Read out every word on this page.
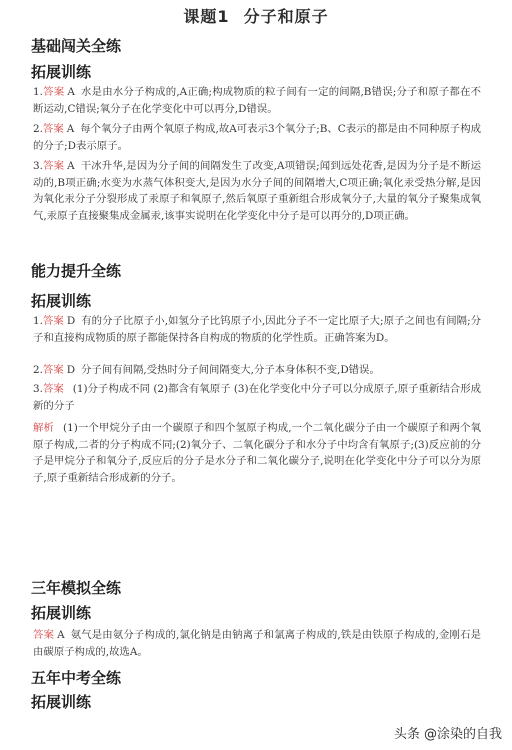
课题1 分子和原子
基础闯关全练
拓展训练
1.答案 A 水是由水分子构成的,A正确;构成物质的粒子间有一定的间隔,B错误;分子和原子都在不断运动,C错误;氧分子在化学变化中可以再分,D错误。
2.答案 A 每个氧分子由两个氧原子构成,故A可表示3个氧分子;B、C表示的都是由不同种原子构成的分子;D表示原子。
3.答案 A 干冰升华,是因为分子间的间隔发生了改变,A项错误;闻到远处花香,是因为分子是不断运动的,B项正确;水变为水蒸气体积变大,是因为水分子间的间隔增大,C项正确;氧化汞受热分解,是因为氧化汞分子分裂形成了汞原子和氧原子,然后氧原子重新组合形成氧分子,大量的氧分子聚集成氧气,汞原子直接聚集成金属汞,该事实说明在化学变化中分子是可以再分的,D项正确。
能力提升全练
拓展训练
1.答案 D 有的分子比原子小,如氢分子比钨原子小,因此分子不一定比原子大;原子之间也有间隔;分子和直接构成物质的原子都能保持各自构成的物质的化学性质。正确答案为D。
2.答案 D 分子间有间隔,受热时分子间间隔变大,分子本身体积不变,D错误。
3.答案 (1)分子构成不同 (2)都含有氧原子 (3)在化学变化中分子可以分成原子,原子重新结合形成新的分子
解析 (1)一个甲烷分子由一个碳原子和四个氢原子构成,一个二氧化碳分子由一个碳原子和两个氧原子构成,二者的分子构成不同;(2)氧分子、二氧化碳分子和水分子中均含有氧原子;(3)反应前的分子是甲烷分子和氧分子,反应后的分子是水分子和二氧化碳分子,说明在化学变化中分子可以分为原子,原子重新结合形成新的分子。
三年模拟全练
拓展训练
答案 A 氨气是由氨分子构成的,氯化钠是由钠离子和氯离子构成的,铁是由铁原子构成的,金刚石是由碳原子构成的,故选A。
五年中考全练
拓展训练
头条 @涂染的自我
